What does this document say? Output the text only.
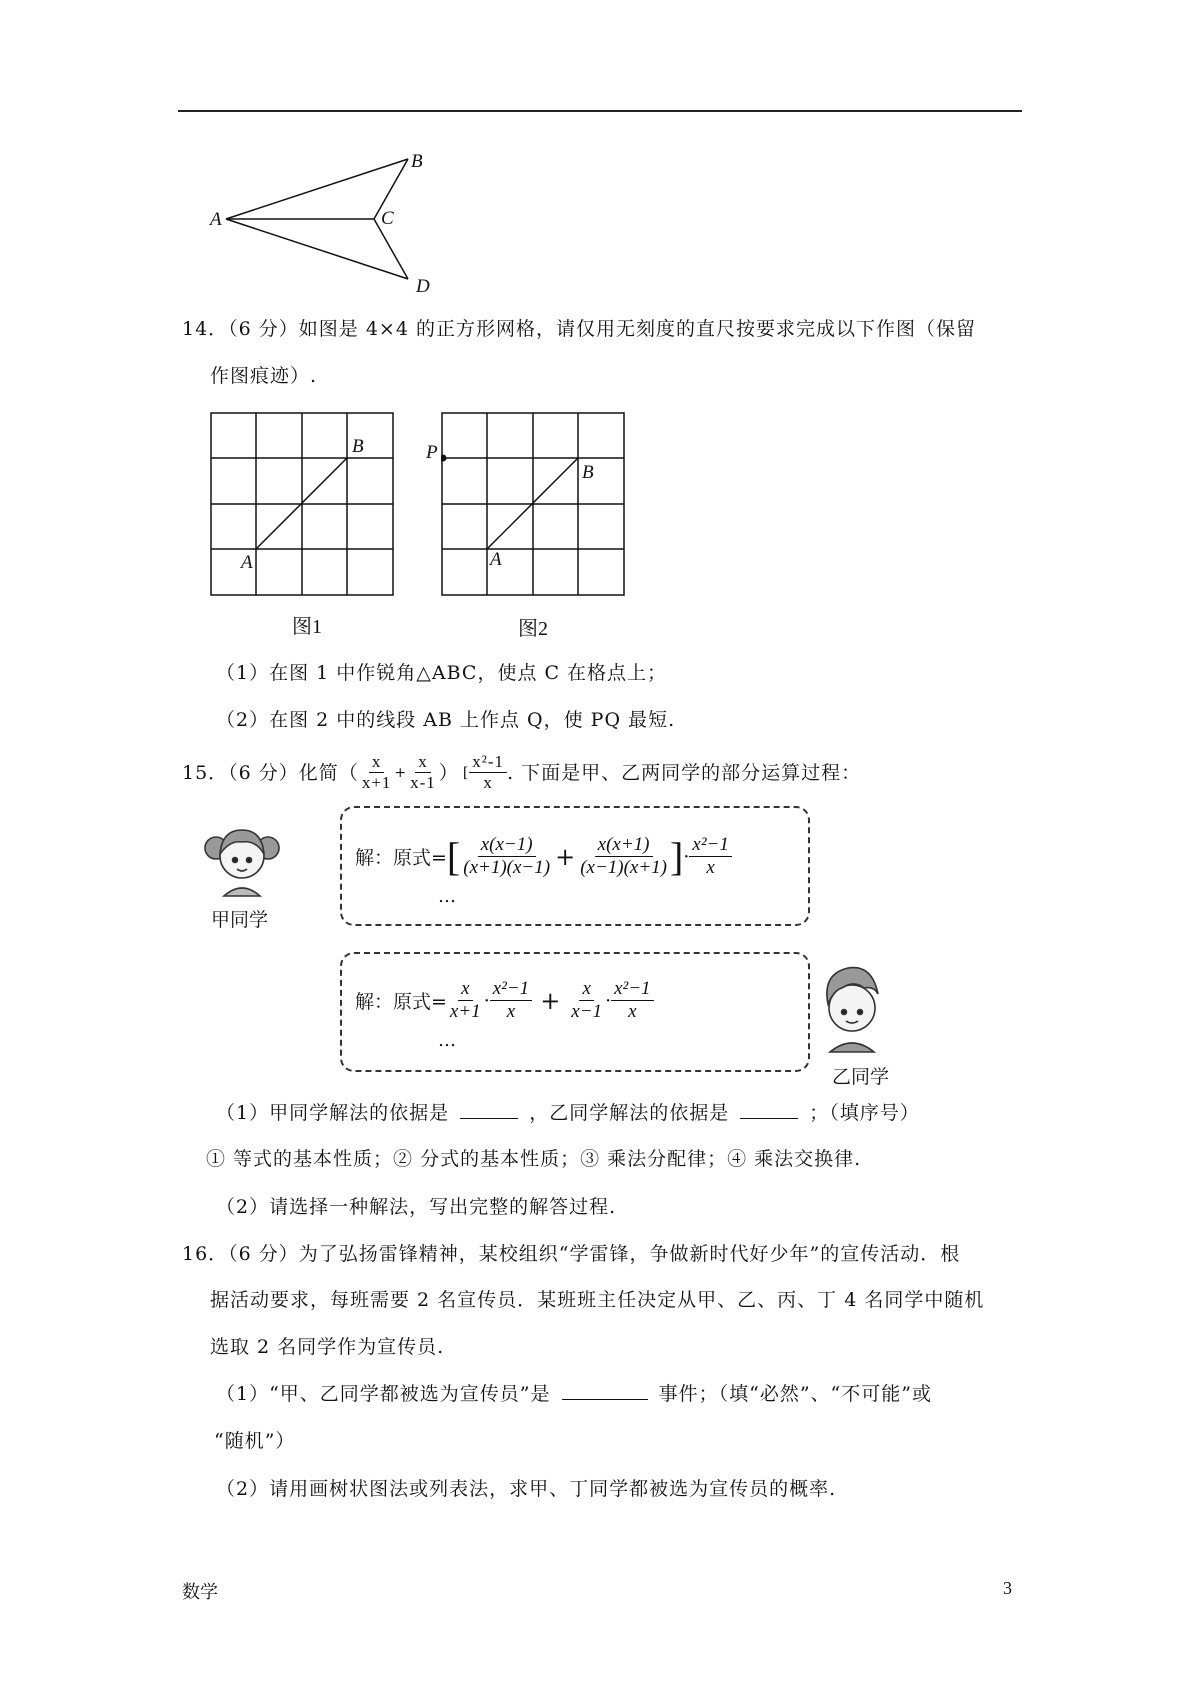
A
B
C
D
14．（6 分）如图是 4×4 的正方形网格，请仅用无刻度的直尺按要求完成以下作图（保留
作图痕迹）.
A
B
图1
P
A
B
图2
（1）在图 1 中作锐角△ABC，使点 C 在格点上；
（2）在图 2 中的线段 AB 上作点 Q，使 PQ 最短.
15．（6 分）化简（ $\frac{x}{x+1} + \frac{x}{x-1}$ ） [ $\frac{\text{x²-1}}{x}$ . 下面是甲、乙两同学的部分运算过程：
甲同学
解：原式= [ $\frac{x(x-1)}{(x+1)(x-1)} + \frac{x(x+1)}{(x-1)(x+1)}$ ] · $\frac{\text{x²−1}}{x}$
…
解：原式= $\frac{x}{x+1} \cdot \frac{\text{x²−1}}{x} + \frac{x}{x-1} \cdot \frac{\text{x²−1}}{x}$
…
乙同学
（1）甲同学解法的依据是	，乙同学解法的依据是	；（填序号）
① 等式的基本性质；② 分式的基本性质；③ 乘法分配律；④ 乘法交换律.
（2）请选择一种解法，写出完整的解答过程.
16．（6 分）为了弘扬雷锋精神，某校组织“学雷锋，争做新时代好少年”的宣传活动．根
据活动要求，每班需要 2 名宣传员．某班班主任决定从甲、乙、丙、丁 4 名同学中随机
选取 2 名同学作为宣传员.
（1）“甲、乙同学都被选为宣传员”是	事件；（填“必然”、“不可能”或
“随机”）
（2）请用画树状图法或列表法，求甲、丁同学都被选为宣传员的概率.
数学	3
